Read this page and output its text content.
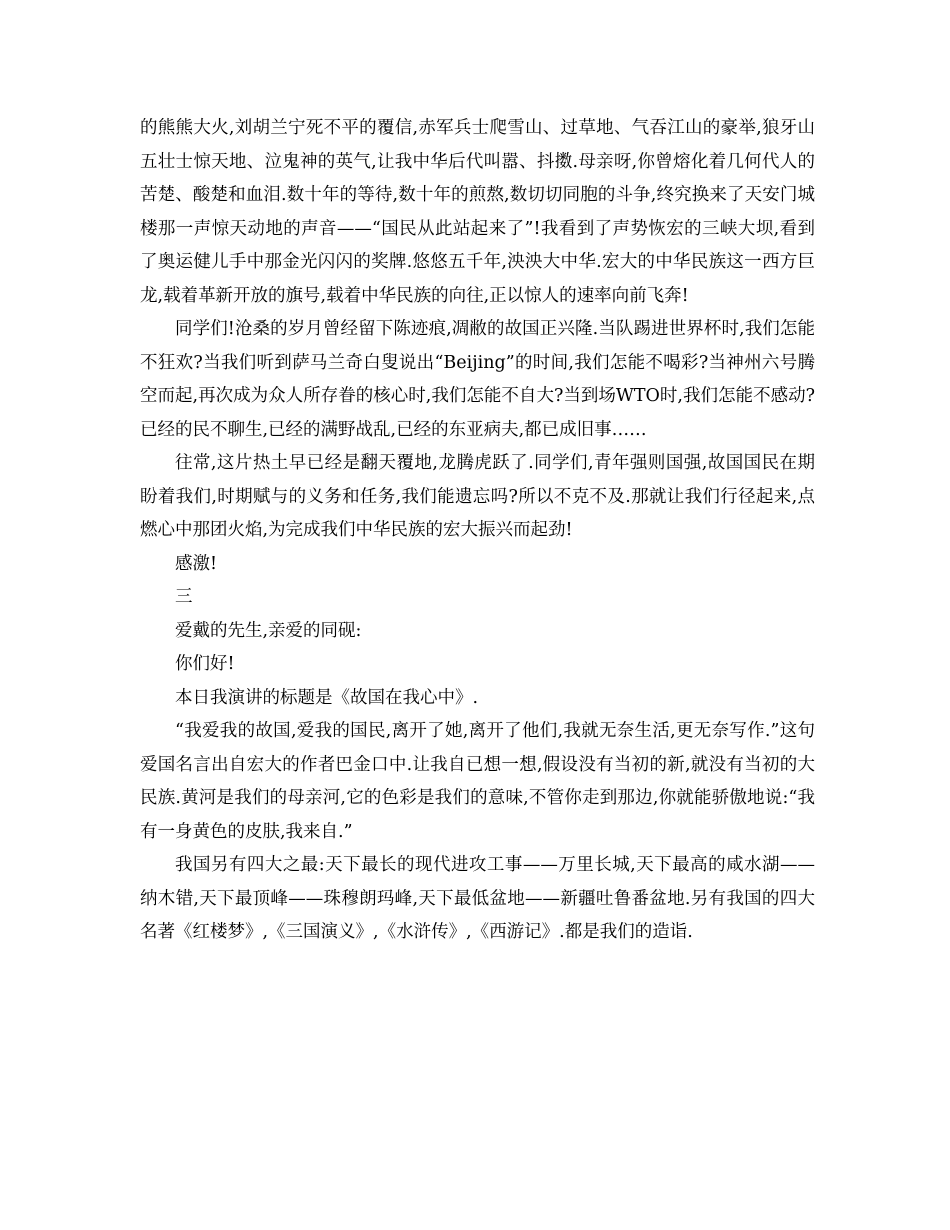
的熊熊大火,刘胡兰宁死不平的覆信,赤军兵士爬雪山、过草地、气吞江山的豪举,狼牙山五壮士惊天地、泣鬼神的英气,让我中华后代叫嚣、抖擞.母亲呀,你曾熔化着几何代人的苦楚、酸楚和血泪.数十年的等待,数十年的煎熬,数切切同胞的斗争,终究换来了天安门城楼那一声惊天动地的声音——“国民从此站起来了”!我看到了声势恢宏的三峡大坝,看到了奥运健儿手中那金光闪闪的奖牌.悠悠五千年,泱泱大中华.宏大的中华民族这一西方巨龙,载着革新开放的旗号,载着中华民族的向往,正以惊人的速率向前飞奔!

同学们!沧桑的岁月曾经留下陈迹痕,凋敝的故国正兴隆.当队踢进世界杯时,我们怎能不狂欢?当我们听到萨马兰奇白叟说出“Beijing”的时间,我们怎能不喝彩?当神州六号腾空而起,再次成为众人所存眷的核心时,我们怎能不自大?当到场WTO时,我们怎能不感动?已经的民不聊生,已经的满野战乱,已经的东亚病夫,都已成旧事……

往常,这片热土早已经是翻天覆地,龙腾虎跃了.同学们,青年强则国强,故国国民在期盼着我们,时期赋与的义务和任务,我们能遗忘吗?所以不克不及.那就让我们行径起来,点燃心中那团火焰,为完成我们中华民族的宏大振兴而起劲!

感激!

三

爱戴的先生,亲爱的同砚:

你们好!

本日我演讲的标题是《故国在我心中》.

“我爱我的故国,爱我的国民,离开了她,离开了他们,我就无奈生活,更无奈写作.”这句爱国名言出自宏大的作者巴金口中.让我自已想一想,假设没有当初的新,就没有当初的大民族.黄河是我们的母亲河,它的色彩是我们的意味,不管你走到那边,你就能骄傲地说:“我有一身黄色的皮肤,我来自.”

我国另有四大之最:天下最长的现代进攻工事——万里长城,天下最高的咸水湖——纳木错,天下最顶峰——珠穆朗玛峰,天下最低盆地——新疆吐鲁番盆地.另有我国的四大名著《红楼梦》,《三国演义》,《水浒传》,《西游记》.都是我们的造诣.
